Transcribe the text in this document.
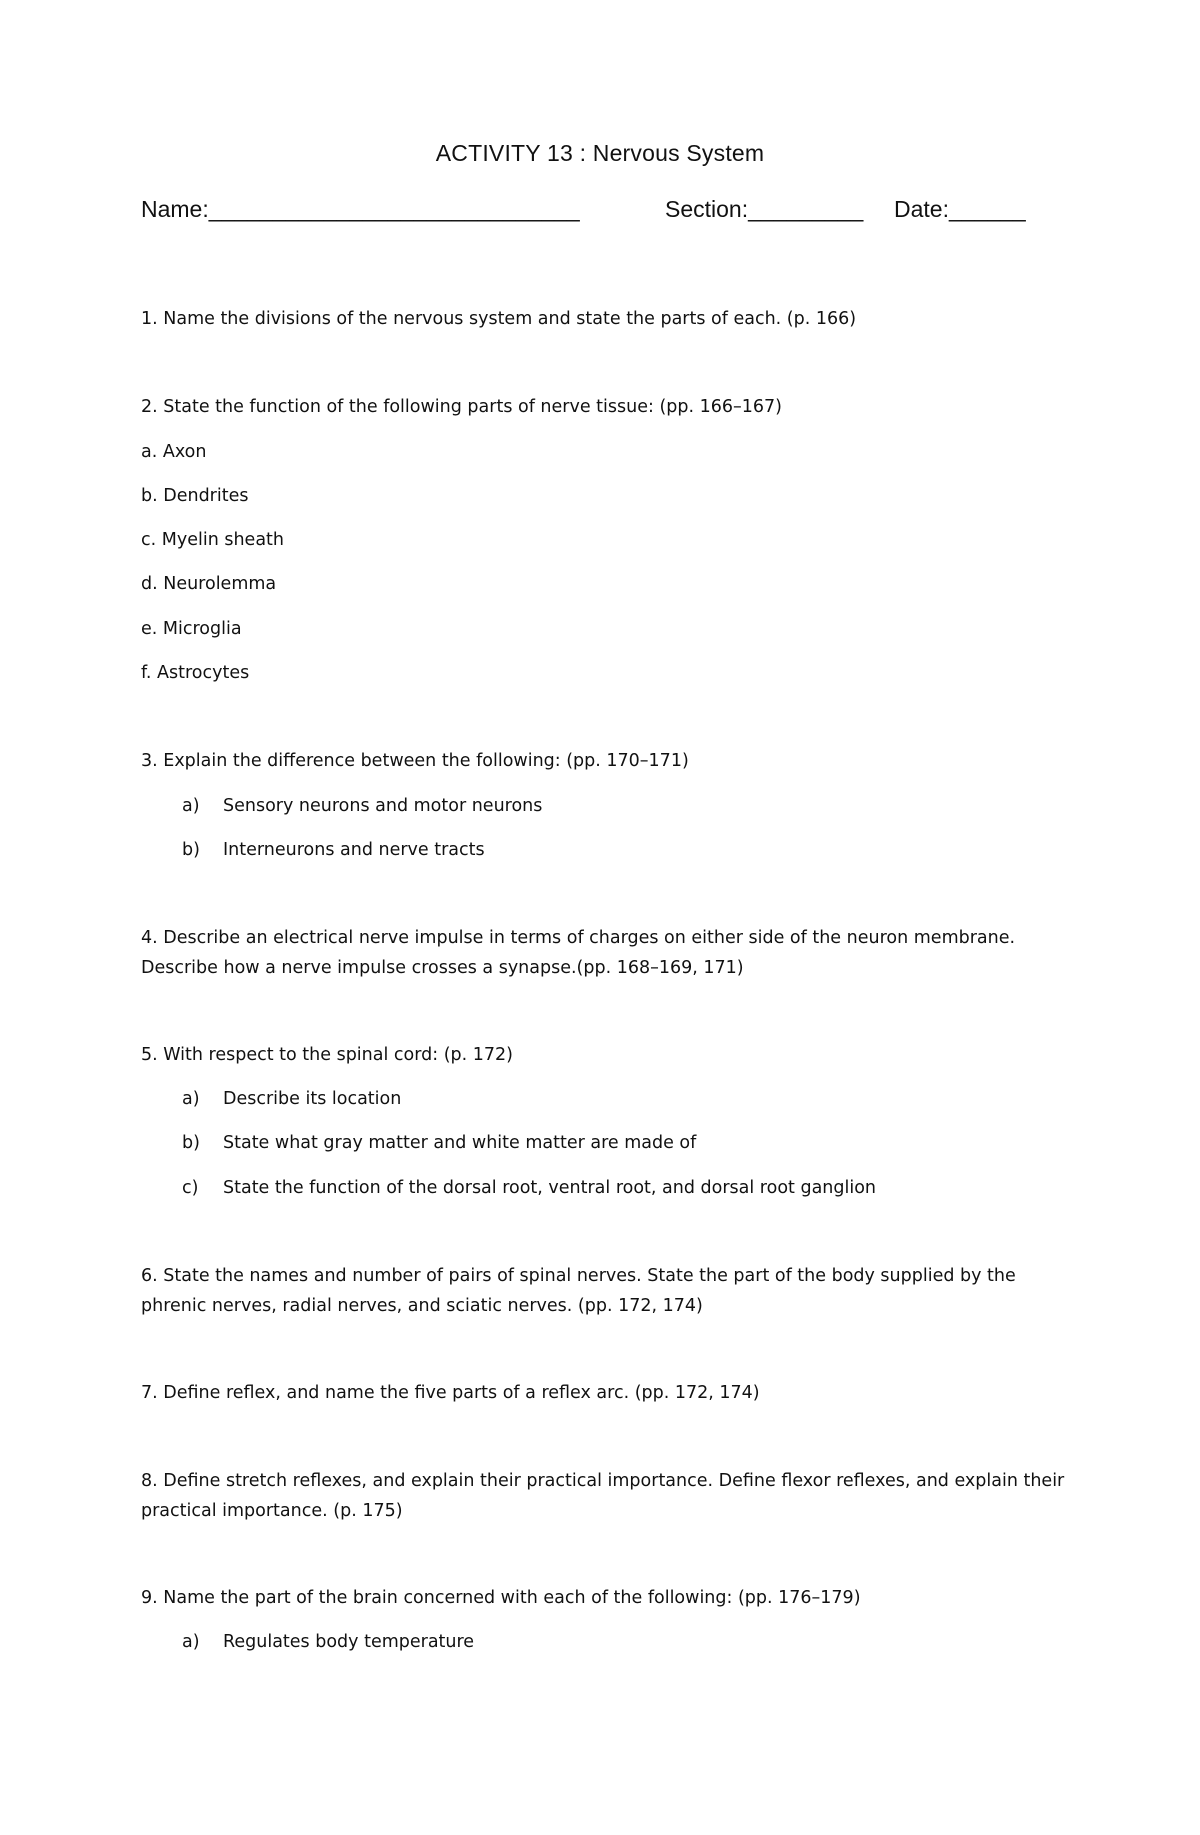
ACTIVITY 13 : Nervous System
Name:_____________________________	Section:_________ Date:______
1. Name the divisions of the nervous system and state the parts of each. (p. 166)
2. State the function of the following parts of nerve tissue: (pp. 166–167)
a. Axon
b. Dendrites
c. Myelin sheath
d. Neurolemma
e. Microglia
f. Astrocytes
3. Explain the difference between the following: (pp. 170–171)
a) Sensory neurons and motor neurons
b) Interneurons and nerve tracts
4. Describe an electrical nerve impulse in terms of charges on either side of the neuron membrane. Describe how a nerve impulse crosses a synapse.(pp. 168–169, 171)
5. With respect to the spinal cord: (p. 172)
a) Describe its location
b) State what gray matter and white matter are made of
c) State the function of the dorsal root, ventral root, and dorsal root ganglion
6. State the names and number of pairs of spinal nerves. State the part of the body supplied by the phrenic nerves, radial nerves, and sciatic nerves. (pp. 172, 174)
7. Define reflex, and name the five parts of a reflex arc. (pp. 172, 174)
8. Define stretch reflexes, and explain their practical importance. Define flexor reflexes, and explain their practical importance. (p. 175)
9. Name the part of the brain concerned with each of the following: (pp. 176–179)
a) Regulates body temperature
